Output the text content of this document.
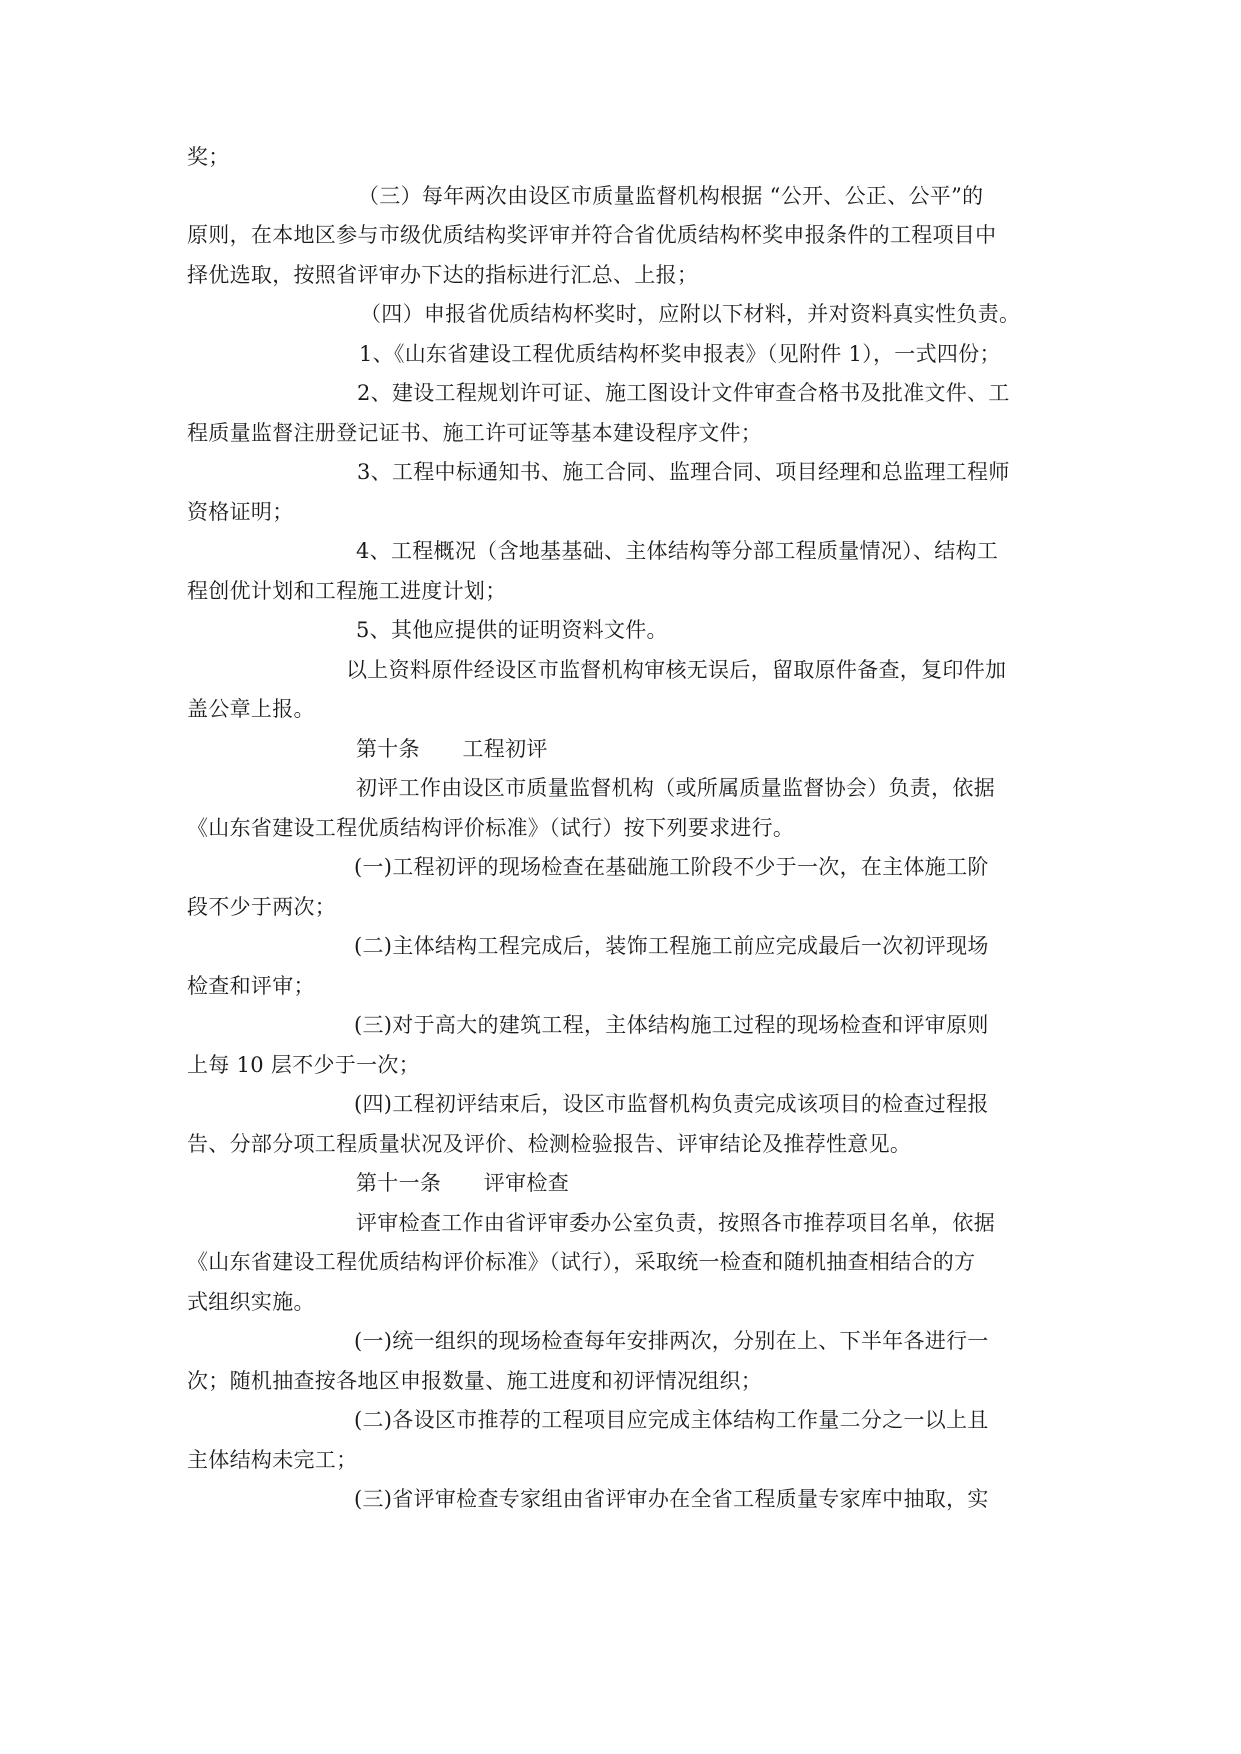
奖；
（三）每年两次由设区市质量监督机构根据 “公开、公正、公平”的
原则，在本地区参与市级优质结构奖评审并符合省优质结构杯奖申报条件的工程项目中
择优选取，按照省评审办下达的指标进行汇总、上报；
（四）申报省优质结构杯奖时，应附以下材料，并对资料真实性负责。
1、《山东省建设工程优质结构杯奖申报表》（见附件 1），一式四份；
2、建设工程规划许可证、施工图设计文件审查合格书及批准文件、工
程质量监督注册登记证书、施工许可证等基本建设程序文件；
3、工程中标通知书、施工合同、监理合同、项目经理和总监理工程师
资格证明；
4、工程概况（含地基基础、主体结构等分部工程质量情况）、结构工
程创优计划和工程施工进度计划；
5、其他应提供的证明资料文件。
以上资料原件经设区市监督机构审核无误后，留取原件备查，复印件加
盖公章上报。
第十条　　工程初评
初评工作由设区市质量监督机构（或所属质量监督协会）负责，依据
《山东省建设工程优质结构评价标准》（试行）按下列要求进行。
(一)工程初评的现场检查在基础施工阶段不少于一次，在主体施工阶
段不少于两次；
(二)主体结构工程完成后，装饰工程施工前应完成最后一次初评现场
检查和评审；
(三)对于高大的建筑工程，主体结构施工过程的现场检查和评审原则
上每 10 层不少于一次；
(四)工程初评结束后，设区市监督机构负责完成该项目的检查过程报
告、分部分项工程质量状况及评价、检测检验报告、评审结论及推荐性意见。
第十一条　　评审检查
评审检查工作由省评审委办公室负责，按照各市推荐项目名单，依据
《山东省建设工程优质结构评价标准》（试行），采取统一检查和随机抽查相结合的方
式组织实施。
(一)统一组织的现场检查每年安排两次，分别在上、下半年各进行一
次；随机抽查按各地区申报数量、施工进度和初评情况组织；
(二)各设区市推荐的工程项目应完成主体结构工作量二分之一以上且
主体结构未完工；
(三)省评审检查专家组由省评审办在全省工程质量专家库中抽取，实
